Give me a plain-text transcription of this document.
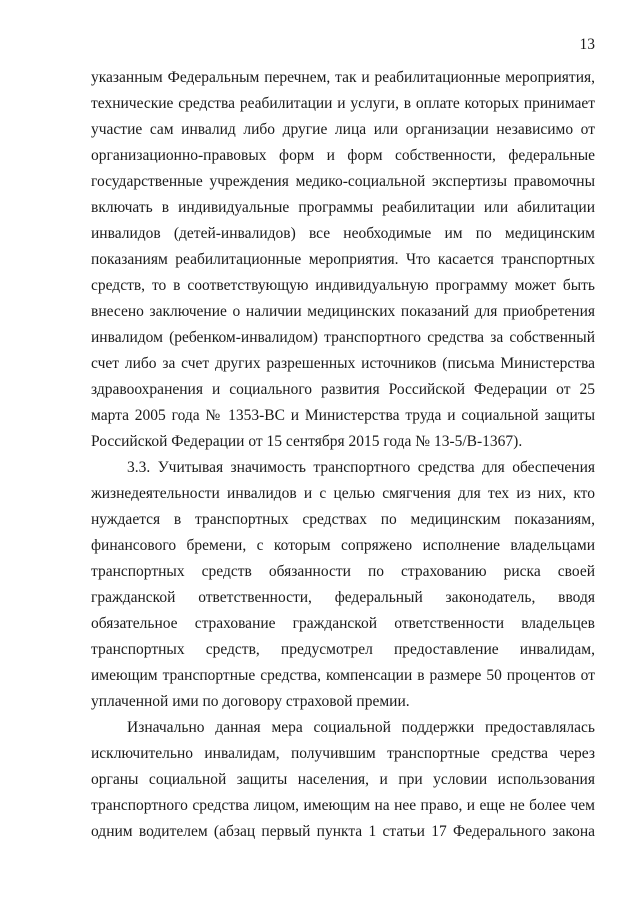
13
указанным Федеральным перечнем, так и реабилитационные мероприятия,
технические средства реабилитации и услуги, в оплате которых принимает
участие сам инвалид либо другие лица или организации независимо от
организационно-правовых форм и форм собственности, федеральные
государственные учреждения медико-социальной экспертизы правомочны
включать в индивидуальные программы реабилитации или абилитации
инвалидов (детей-инвалидов) все необходимые им по медицинским
показаниям реабилитационные мероприятия. Что касается транспортных
средств, то в соответствующую индивидуальную программу может быть
внесено заключение о наличии медицинских показаний для приобретения
инвалидом (ребенком-инвалидом) транспортного средства за собственный
счет либо за счет других разрешенных источников (письма Министерства
здравоохранения и социального развития Российской Федерации от 25
марта 2005 года № 1353-ВС и Министерства труда и социальной защиты
Российской Федерации от 15 сентября 2015 года № 13-5/В-1367).
3.3. Учитывая значимость транспортного средства для обеспечения
жизнедеятельности инвалидов и с целью смягчения для тех из них, кто
нуждается в транспортных средствах по медицинским показаниям,
финансового бремени, с которым сопряжено исполнение владельцами
транспортных средств обязанности по страхованию риска своей
гражданской ответственности, федеральный законодатель, вводя
обязательное страхование гражданской ответственности владельцев
транспортных средств, предусмотрел предоставление инвалидам,
имеющим транспортные средства, компенсации в размере 50 процентов от
уплаченной ими по договору страховой премии.
Изначально данная мера социальной поддержки предоставлялась
исключительно инвалидам, получившим транспортные средства через
органы социальной защиты населения, и при условии использования
транспортного средства лицом, имеющим на нее право, и еще не более чем
одним водителем (абзац первый пункта 1 статьи 17 Федерального закона
